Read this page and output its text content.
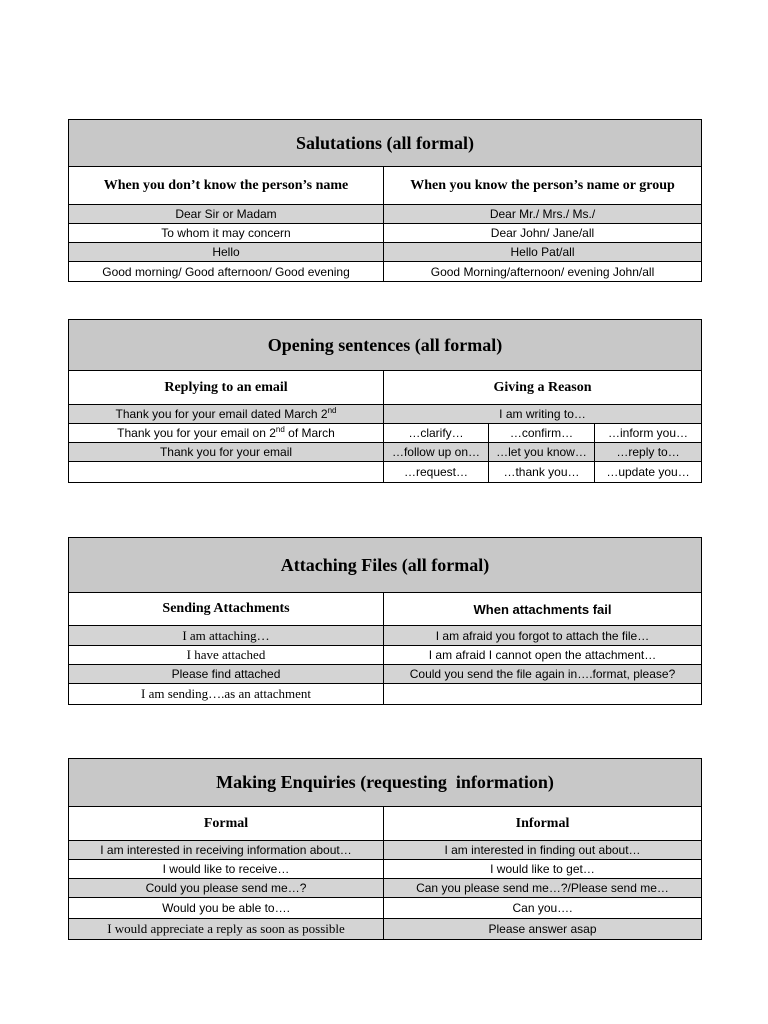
Salutations (all formal)	
When you don’t know the person’s name	When you know the person’s name or group
Dear Sir or Madam	Dear Mr./ Mrs./ Ms./
To whom it may concern	Dear John/ Jane/all
Hello	Hello Pat/all
Good morning/ Good afternoon/ Good evening	Good Morning/afternoon/ evening John/all
Opening sentences (all formal)			
Replying to an email	Giving a Reason		
Thank you for your email dated March 2nd	I am writing to…		
Thank you for your email on 2nd of March	…clarify…	…confirm…	…inform you…
Thank you for your email	…follow up on…	…let you know…	…reply to…
	…request…	…thank you…	…update you…
Attaching Files (all formal)	
Sending Attachments	When attachments fail
I am attaching…	I am afraid you forgot to attach the file…
I have attached	I am afraid I cannot open the attachment…
Please find attached	Could you send the file again in….format, please?
I am sending….as an attachment	
Making Enquiries (requesting  information)	
Formal	Informal
I am interested in receiving information about…	I am interested in finding out about…
I would like to receive…	I would like to get…
Could you please send me…?	Can you please send me…?/Please send me…
Would you be able to….	Can you….
I would appreciate a reply as soon as possible	Please answer asap
